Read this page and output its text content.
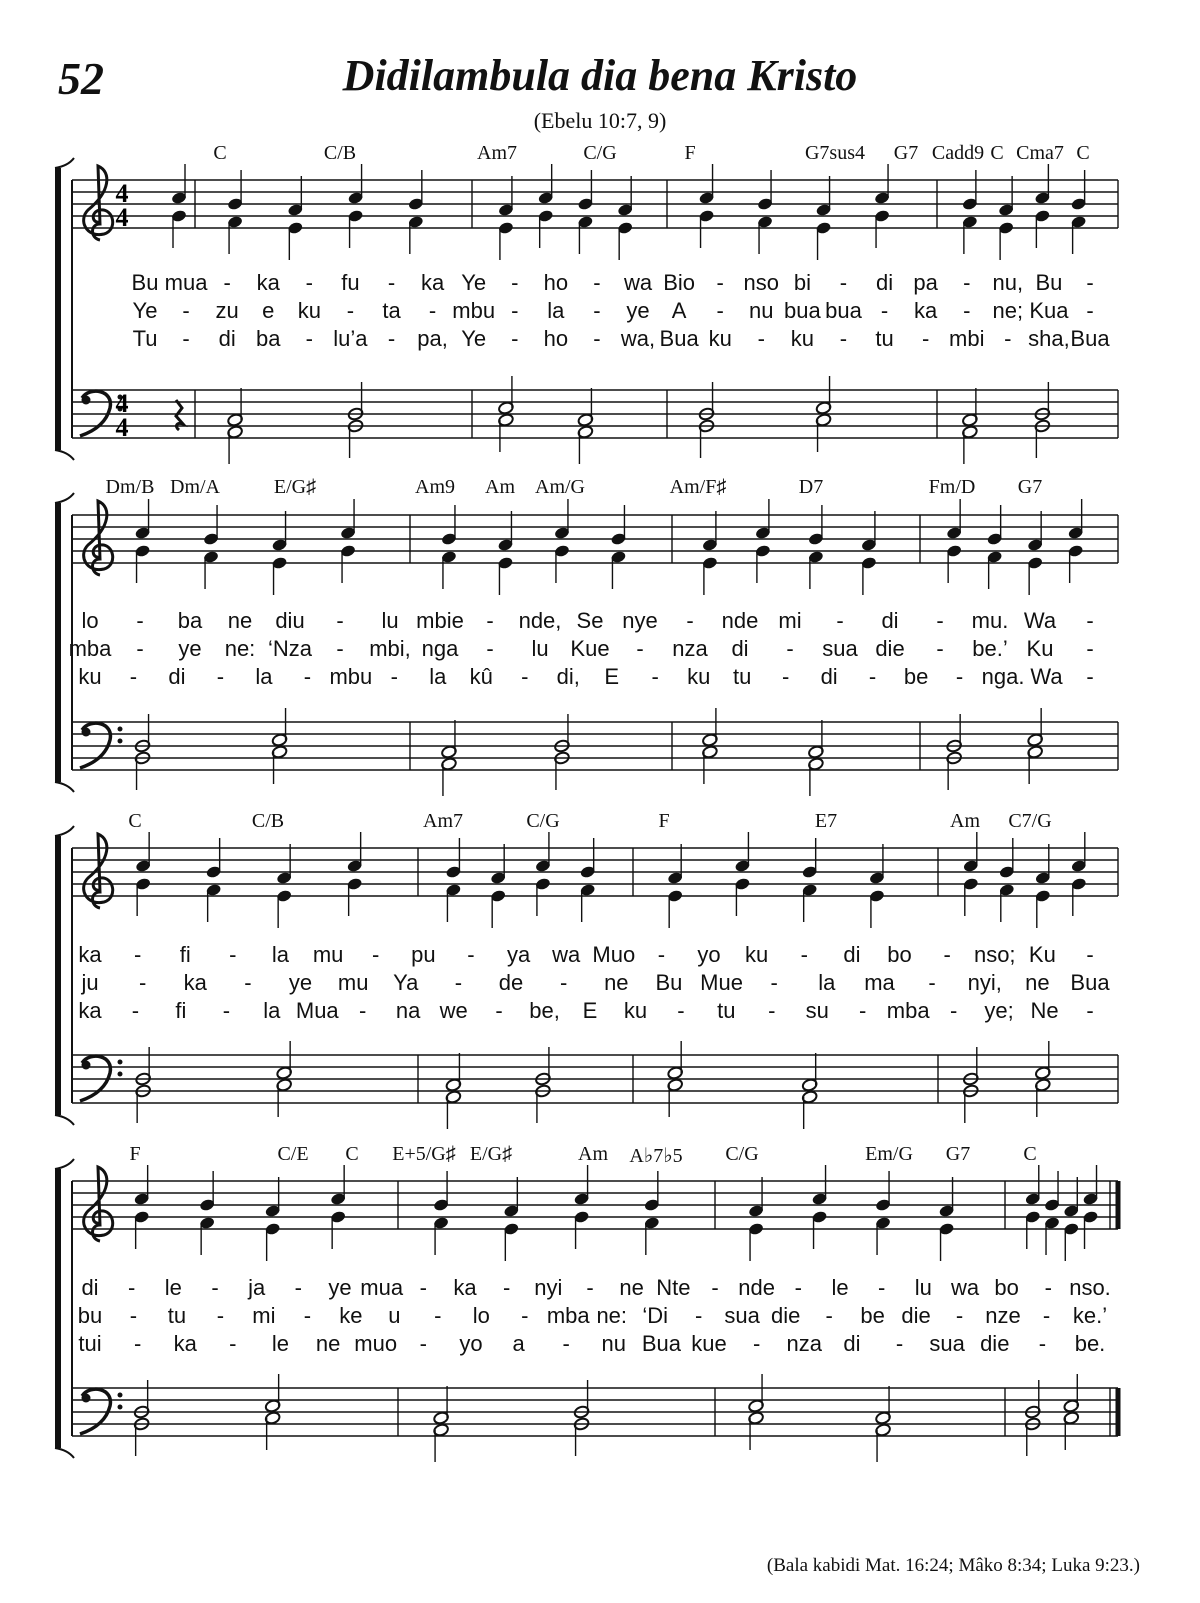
52	Didilambula dia bena Kristo
(Ebelu 10:7, 9)
4
4
4
4
C	C/B	Am7	C/G	F	G7sus4 G7 Cadd9 C Cma7 C
Bu mua - ka - fu - ka Ye - ho - wa Bio - nso bi - di pa - nu, Bu -
Ye - zu e ku - ta - mbu - la - ye A - nu bua bua - ka - ne; Kua -
Tu - di ba - lu’a - pa, Ye - ho - wa, Bua ku - ku - tu - mbi - sha, Bua
Dm/B Dm/A	E/G♯	Am9 Am Am/G	Am/F♯	D7	Fm/D G7
lo - ba ne diu - lu mbie - nde, Se nye - nde mi - di - mu. Wa -
mba - ye ne: ‘Nza - mbi, nga - lu Kue - nza di - sua die - be.’ Ku -
ku - di - la - mbu - la kû - di, E - ku tu - di - be - nga. Wa -
C	C/B	Am7	C/G	F	E7	Am C7/G
ka - fi - la mu - pu - ya wa Muo - yo ku - di bo - nso; Ku -
ju - ka - ye mu Ya - de - ne Bu Mue - la ma - nyi, ne Bua
ka - fi - la Mua - na we - be, E ku - tu - su - mba - ye; Ne -
F	C/E C E+5/G♯ E/G♯	Am A♭7♭5 C/G	Em/G G7	C
di - le - ja - ye mua - ka - nyi - ne Nte - nde - le - lu wa bo - nso.
bu - tu - mi - ke u - lo - mba ne: ‘Di - sua die - be die - nze - ke.’
tui - ka - le ne muo - yo a - nu Bua kue - nza di - sua die - be.
(Bala kabidi Mat. 16:24; Mâko 8:34; Luka 9:23.)
